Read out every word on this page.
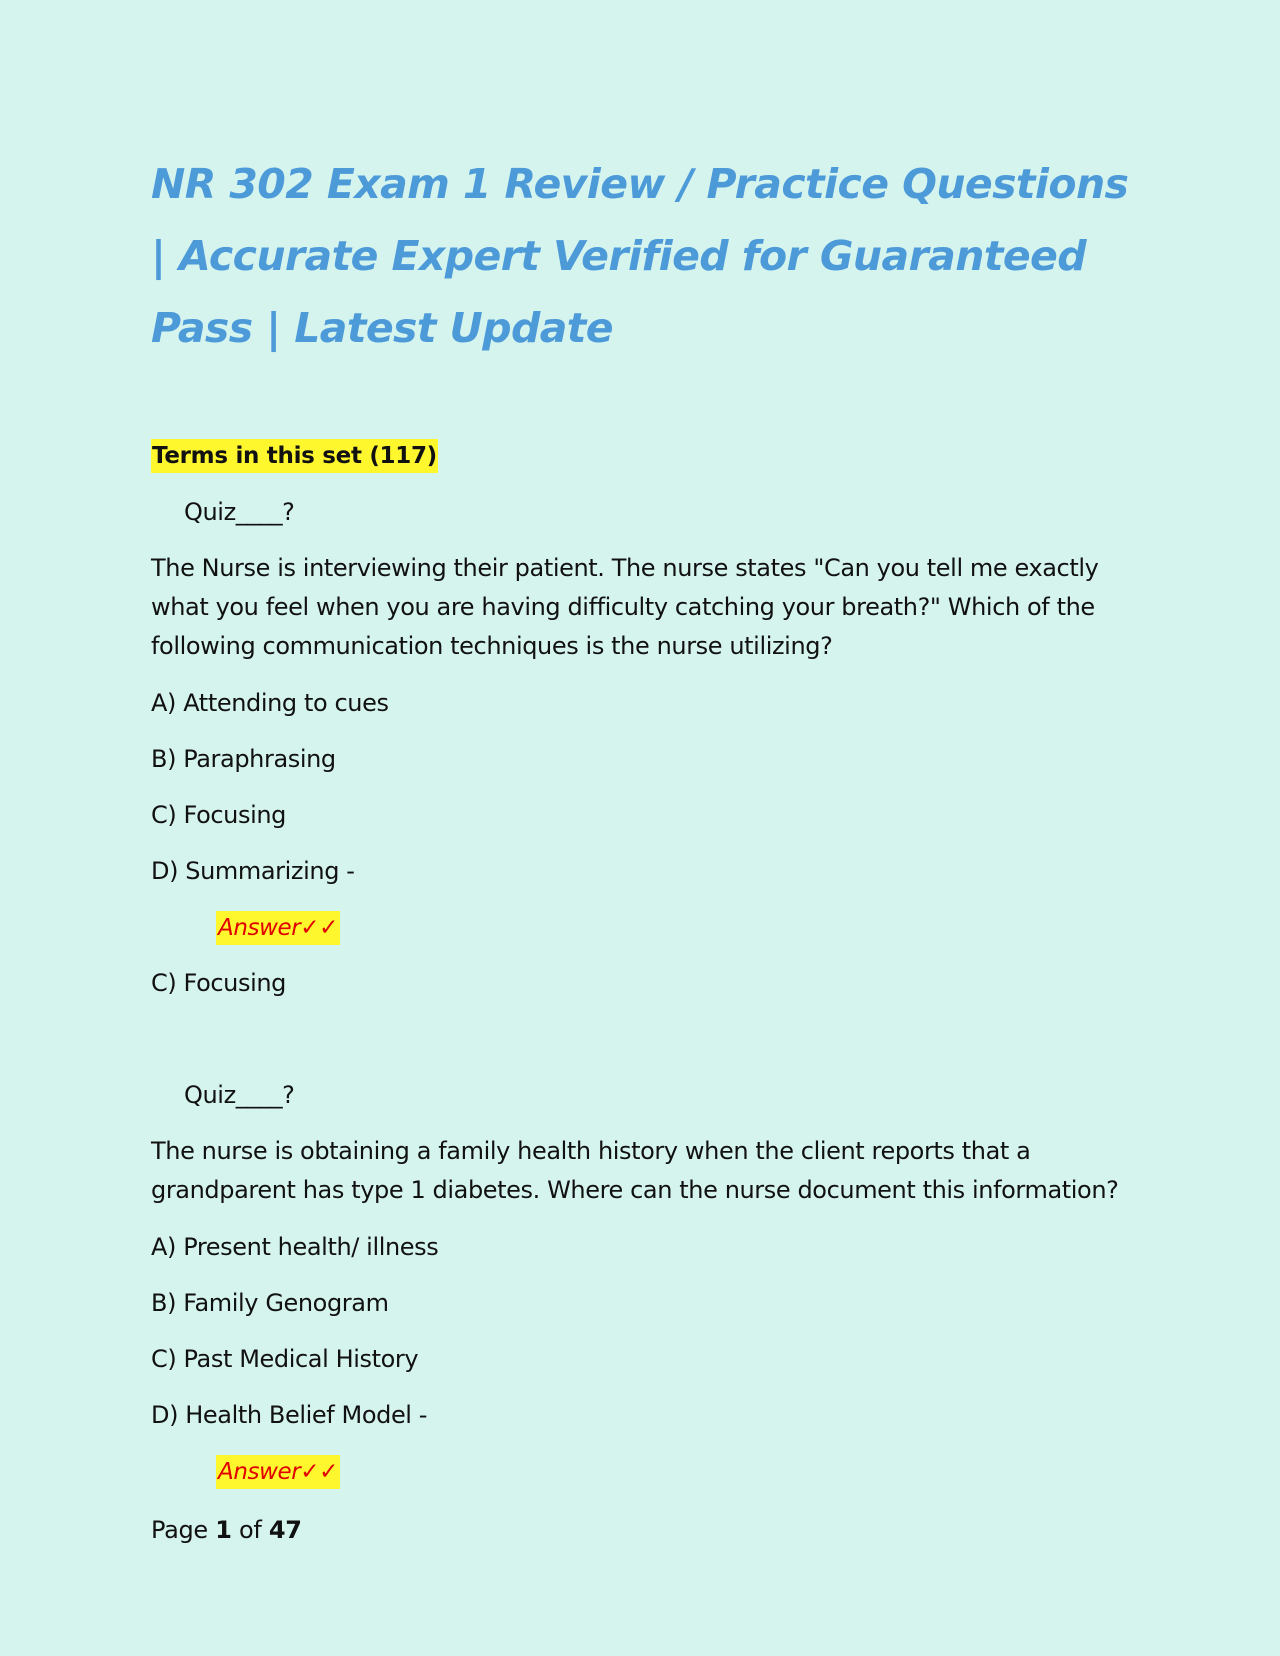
NR 302 Exam 1 Review / Practice Questions | Accurate Expert Verified for Guaranteed Pass | Latest Update
Terms in this set (117)
Quiz____?

The Nurse is interviewing their patient. The nurse states "Can you tell me exactly what you feel when you are having difficulty catching your breath?" Which of the following communication techniques is the nurse utilizing?

A) Attending to cues
B) Paraphrasing
C) Focusing
D) Summarizing -
Answer✓✓
C) Focusing
Quiz____?

The nurse is obtaining a family health history when the client reports that a grandparent has type 1 diabetes. Where can the nurse document this information?

A) Present health/ illness
B) Family Genogram
C) Past Medical History
D) Health Belief Model -
Answer✓✓
Page 1 of 47
